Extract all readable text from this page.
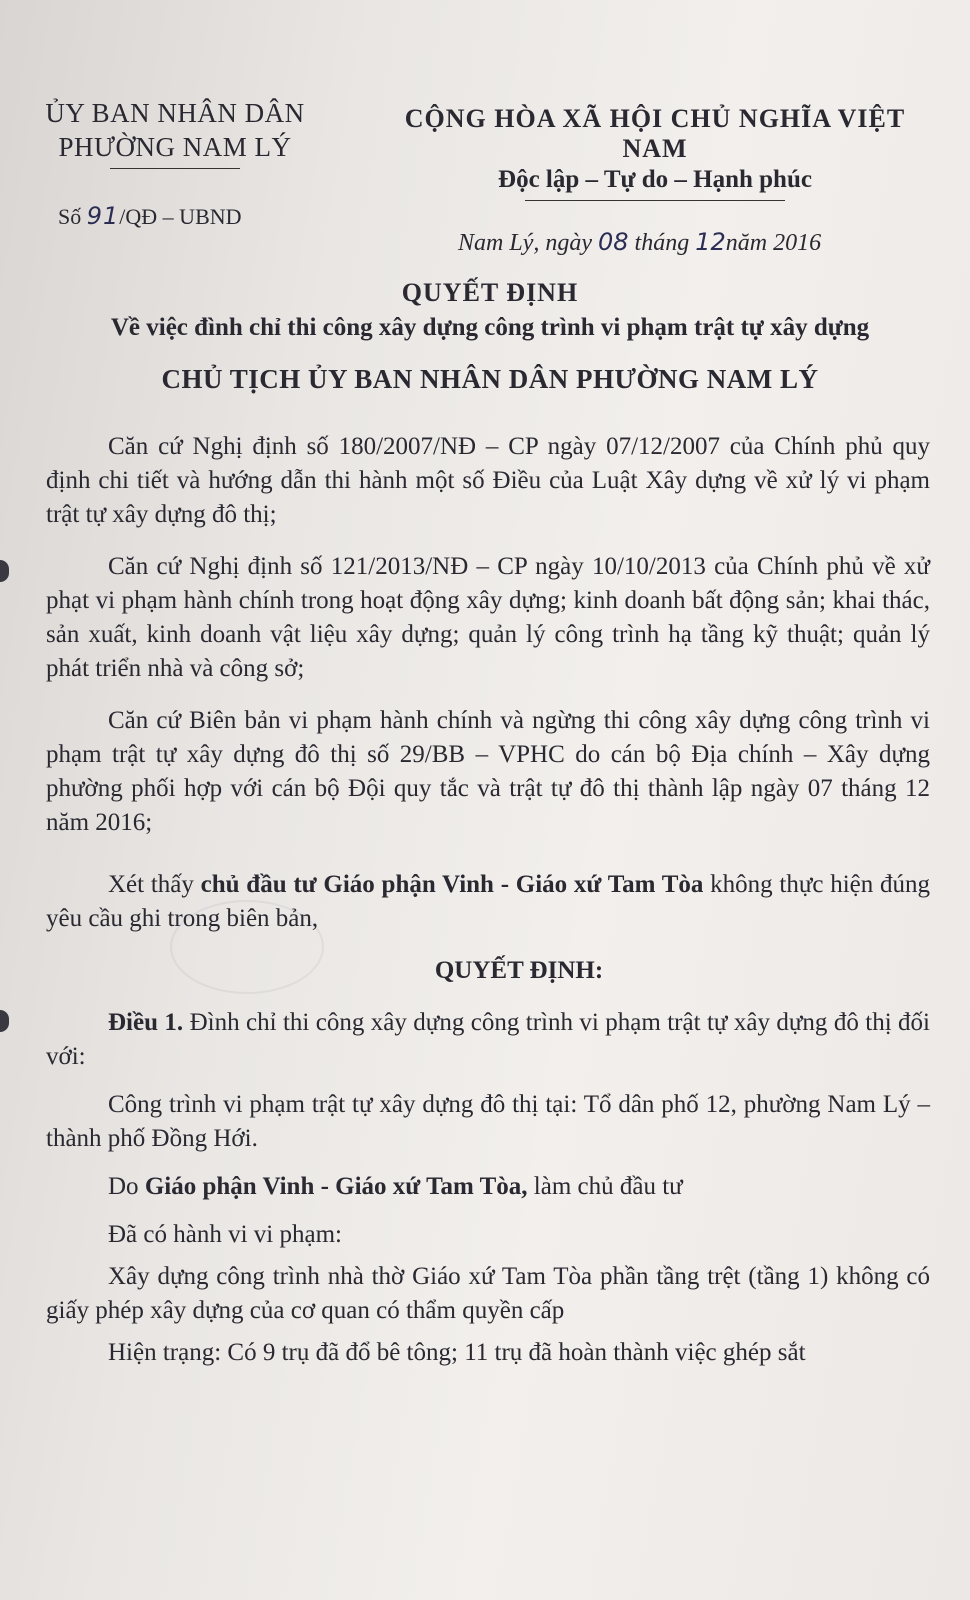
ỦY BAN NHÂN DÂN
PHƯỜNG NAM LÝ
Số 91/QĐ – UBND
CỘNG HÒA XÃ HỘI CHỦ NGHĨA VIỆT NAM
Độc lập – Tự do – Hạnh phúc
Nam Lý, ngày 08 tháng 12năm 2016
QUYẾT ĐỊNH
Về việc đình chỉ thi công xây dựng công trình vi phạm trật tự xây dựng
CHỦ TỊCH ỦY BAN NHÂN DÂN PHƯỜNG NAM LÝ

Căn cứ Nghị định số 180/2007/NĐ – CP ngày 07/12/2007 của Chính phủ quy định chi tiết và hướng dẫn thi hành một số Điều của Luật Xây dựng về xử lý vi phạm trật tự xây dựng đô thị;

Căn cứ Nghị định số 121/2013/NĐ – CP ngày 10/10/2013 của Chính phủ về xử phạt vi phạm hành chính trong hoạt động xây dựng; kinh doanh bất động sản; khai thác, sản xuất, kinh doanh vật liệu xây dựng; quản lý công trình hạ tầng kỹ thuật; quản lý phát triển nhà và công sở;

Căn cứ Biên bản vi phạm hành chính và ngừng thi công xây dựng công trình vi phạm trật tự xây dựng đô thị số 29/BB – VPHC do cán bộ Địa chính – Xây dựng phường phối hợp với cán bộ Đội quy tắc và trật tự đô thị thành lập ngày 07 tháng 12 năm 2016;

Xét thấy chủ đầu tư Giáo phận Vinh - Giáo xứ Tam Tòa không thực hiện đúng yêu cầu ghi trong biên bản,

QUYẾT ĐỊNH:

Điều 1. Đình chỉ thi công xây dựng công trình vi phạm trật tự xây dựng đô thị đối với:

Công trình vi phạm trật tự xây dựng đô thị tại: Tổ dân phố 12, phường Nam Lý – thành phố Đồng Hới.

Do Giáo phận Vinh - Giáo xứ Tam Tòa, làm chủ đầu tư

Đã có hành vi vi phạm:

Xây dựng công trình nhà thờ Giáo xứ Tam Tòa phần tầng trệt (tầng 1) không có giấy phép xây dựng của cơ quan có thẩm quyền cấp

Hiện trạng: Có 9 trụ đã đổ bê tông; 11 trụ đã hoàn thành việc ghép sắt
